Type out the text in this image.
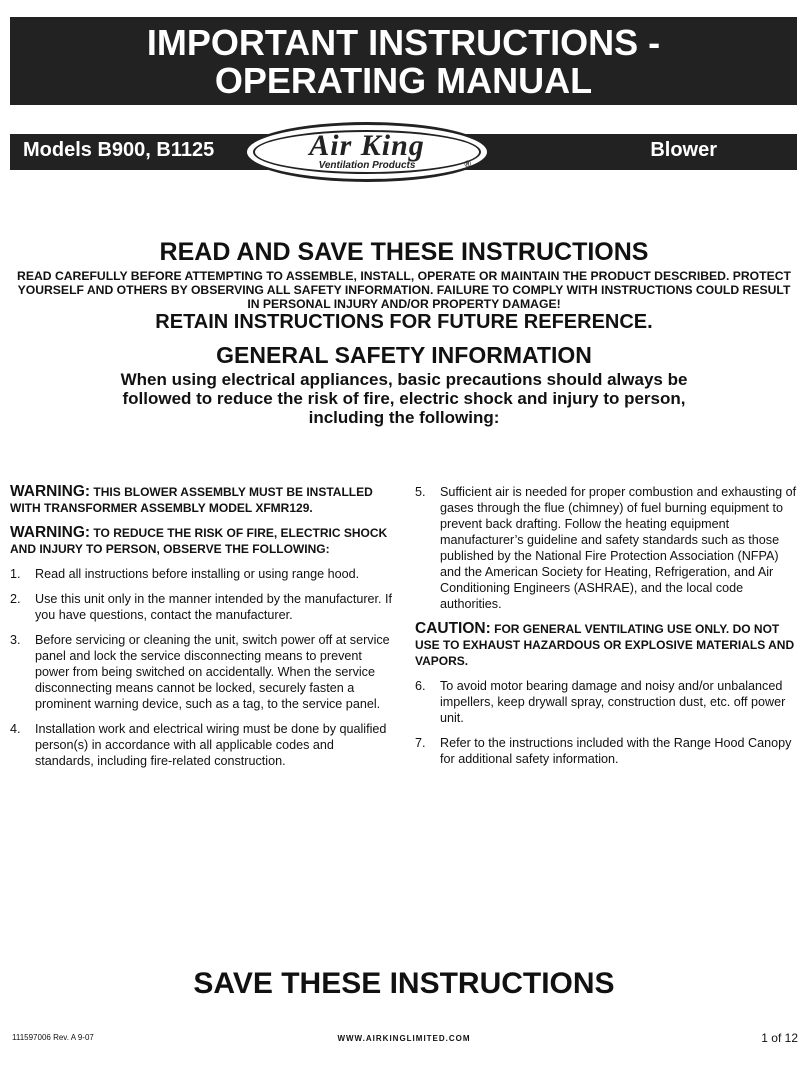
IMPORTANT INSTRUCTIONS -
OPERATING MANUAL
Models B900, B1125	Blower
Air King
Ventilation Products	®
READ AND SAVE THESE INSTRUCTIONS
READ CAREFULLY BEFORE ATTEMPTING TO ASSEMBLE, INSTALL, OPERATE OR MAINTAIN THE PRODUCT DESCRIBED. PROTECT YOURSELF AND OTHERS BY OBSERVING ALL SAFETY INFORMATION. FAILURE TO COMPLY WITH INSTRUCTIONS COULD RESULT IN PERSONAL INJURY AND/OR PROPERTY DAMAGE!
RETAIN INSTRUCTIONS FOR FUTURE REFERENCE.
GENERAL SAFETY INFORMATION
When using electrical appliances, basic precautions should always be followed to reduce the risk of fire, electric shock and injury to person, including the following:
WARNING: THIS BLOWER ASSEMBLY MUST BE INSTALLED WITH TRANSFORMER ASSEMBLY MODEL XFMR129.
WARNING: TO REDUCE THE RISK OF FIRE, ELECTRIC SHOCK AND INJURY TO PERSON, OBSERVE THE FOLLOWING:
1. Read all instructions before installing or using range hood.
2. Use this unit only in the manner intended by the manufacturer. If you have questions, contact the manufacturer.
3. Before servicing or cleaning the unit, switch power off at service panel and lock the service disconnecting means to prevent power from being switched on accidentally. When the service disconnecting means cannot be locked, securely fasten a prominent warning device, such as a tag, to the service panel.
4. Installation work and electrical wiring must be done by qualified person(s) in accordance with all applicable codes and standards, including fire-related construction.
5. Sufficient air is needed for proper combustion and exhausting of gases through the flue (chimney) of fuel burning equipment to prevent back drafting. Follow the heating equipment manufacturer’s guideline and safety standards such as those published by the National Fire Protection Association (NFPA) and the American Society for Heating, Refrigeration, and Air Conditioning Engineers (ASHRAE), and the local code authorities.
CAUTION: FOR GENERAL VENTILATING USE ONLY. DO NOT USE TO EXHAUST HAZARDOUS OR EXPLOSIVE MATERIALS AND VAPORS.
6. To avoid motor bearing damage and noisy and/or unbalanced impellers, keep drywall spray, construction dust, etc. off power unit.
7. Refer to the instructions included with the Range Hood Canopy for additional safety information.
SAVE THESE INSTRUCTIONS
111597006 Rev. A 9-07	WWW.AIRKINGLIMITED.COM	1 of 12
